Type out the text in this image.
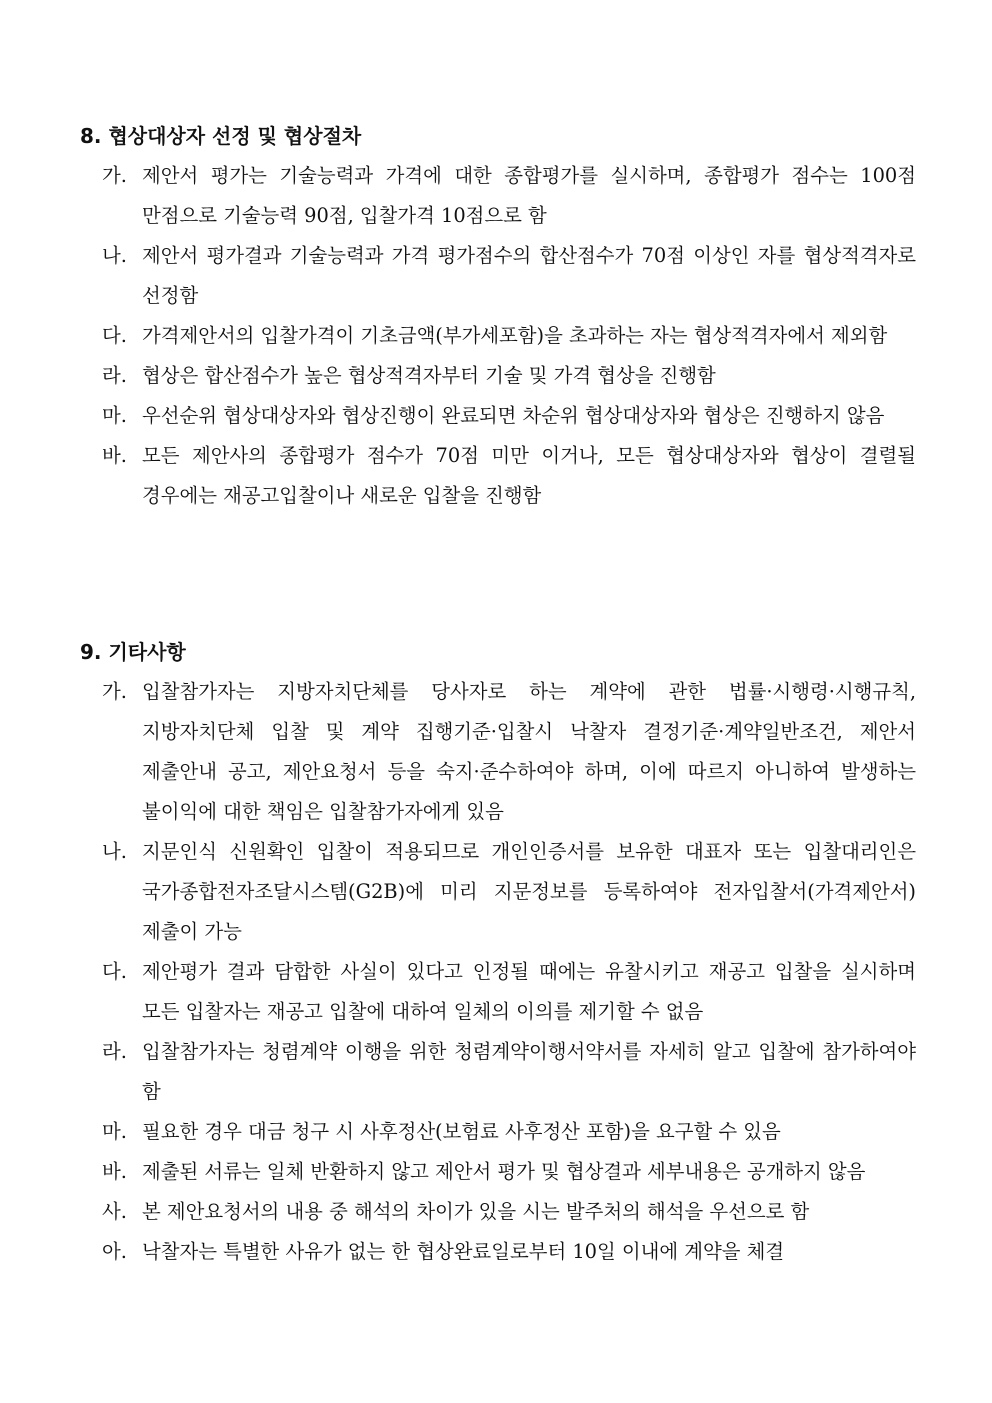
8. 협상대상자 선정 및 협상절차
가. 제안서 평가는 기술능력과 가격에 대한 종합평가를 실시하며, 종합평가 점수는 100점 만점으로 기술능력 90점, 입찰가격 10점으로 함
나. 제안서 평가결과 기술능력과 가격 평가점수의 합산점수가 70점 이상인 자를 협상적격자로 선정함
다. 가격제안서의 입찰가격이 기초금액(부가세포함)을 초과하는 자는 협상적격자에서 제외함
라. 협상은 합산점수가 높은 협상적격자부터 기술 및 가격 협상을 진행함
마. 우선순위 협상대상자와 협상진행이 완료되면 차순위 협상대상자와 협상은 진행하지 않음
바. 모든 제안사의 종합평가 점수가 70점 미만 이거나, 모든 협상대상자와 협상이 결렬될 경우에는 재공고입찰이나 새로운 입찰을 진행함
9. 기타사항
가. 입찰참가자는 지방자치단체를 당사자로 하는 계약에 관한 법률·시행령·시행규칙, 지방자치단체 입찰 및 계약 집행기준·입찰시 낙찰자 결정기준·계약일반조건, 제안서 제출안내 공고, 제안요청서 등을 숙지·준수하여야 하며, 이에 따르지 아니하여 발생하는 불이익에 대한 책임은 입찰참가자에게 있음
나. 지문인식 신원확인 입찰이 적용되므로 개인인증서를 보유한 대표자 또는 입찰대리인은 국가종합전자조달시스템(G2B)에 미리 지문정보를 등록하여야 전자입찰서(가격제안서) 제출이 가능
다. 제안평가 결과 담합한 사실이 있다고 인정될 때에는 유찰시키고 재공고 입찰을 실시하며 모든 입찰자는 재공고 입찰에 대하여 일체의 이의를 제기할 수 없음
라. 입찰참가자는 청렴계약 이행을 위한 청렴계약이행서약서를 자세히 알고 입찰에 참가하여야 함
마. 필요한 경우 대금 청구 시 사후정산(보험료 사후정산 포함)을 요구할 수 있음
바. 제출된 서류는 일체 반환하지 않고 제안서 평가 및 협상결과 세부내용은 공개하지 않음
사. 본 제안요청서의 내용 중 해석의 차이가 있을 시는 발주처의 해석을 우선으로 함
아. 낙찰자는 특별한 사유가 없는 한 협상완료일로부터 10일 이내에 계약을 체결
